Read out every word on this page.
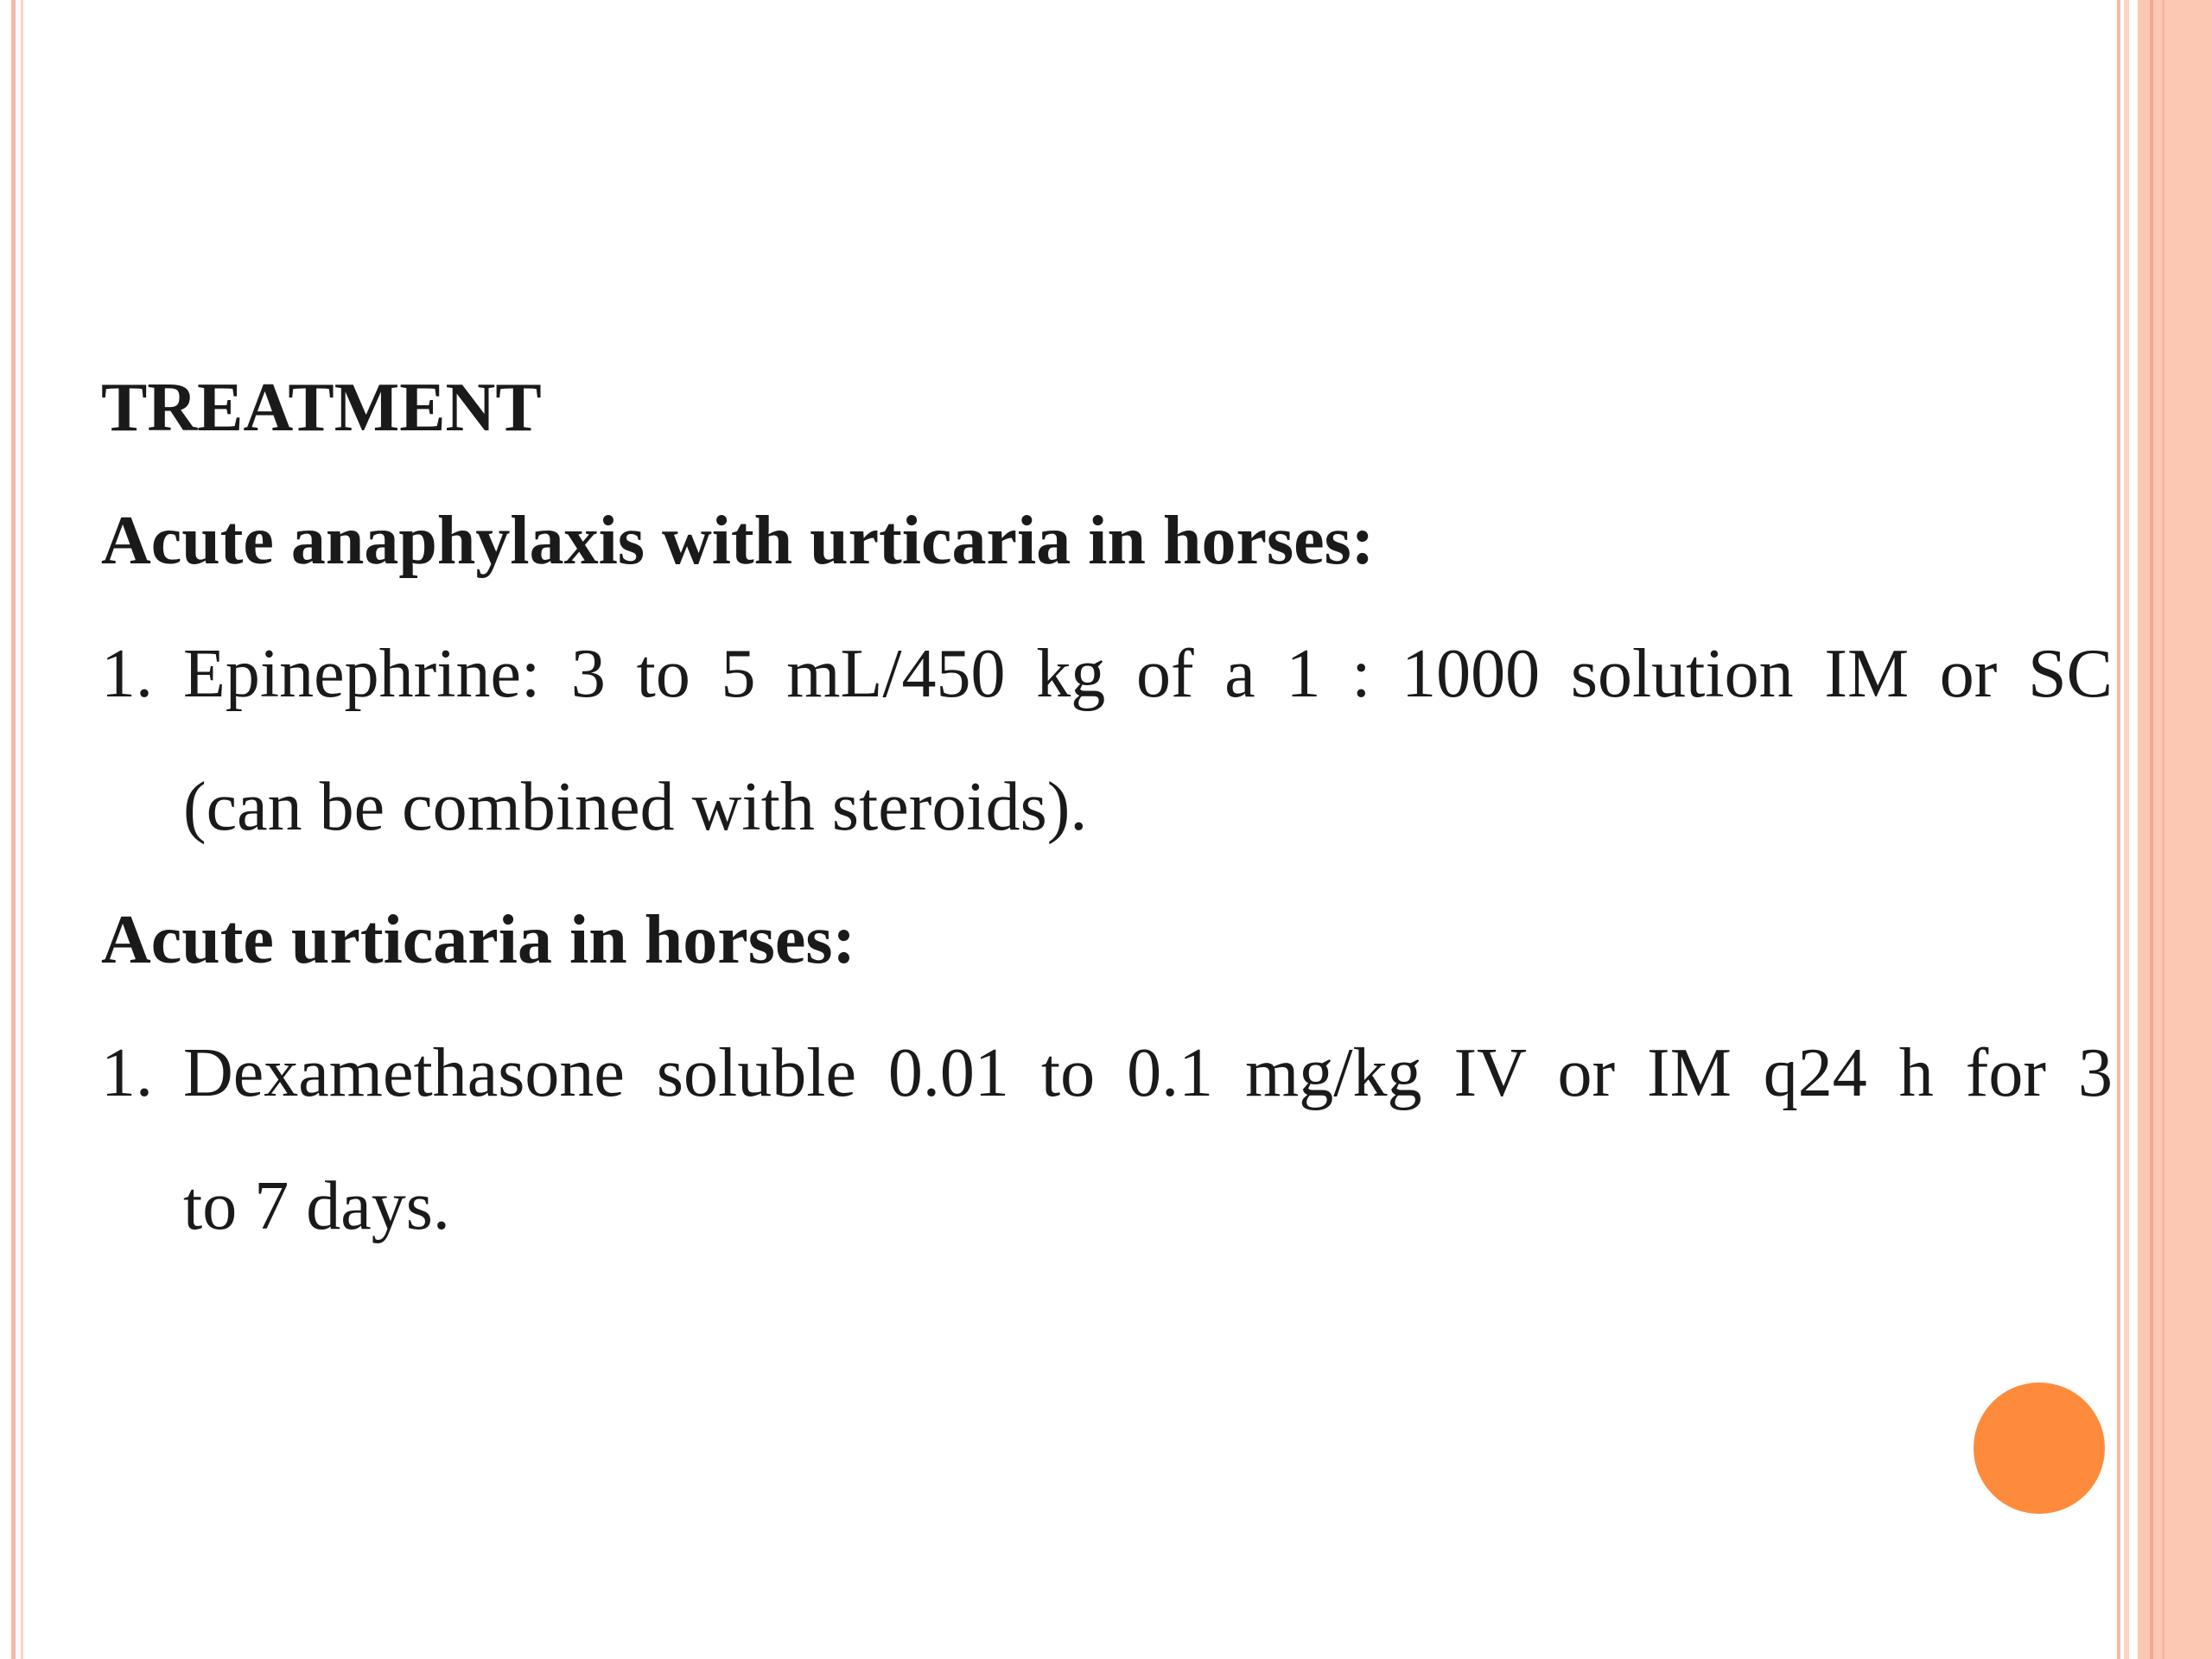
TREATMENT
Acute anaphylaxis with urticaria in horses:
1. Epinephrine: 3 to 5 mL/450 kg of a 1 : 1000 solution IM or SC
(can be combined with steroids).
Acute urticaria in horses:
1. Dexamethasone soluble 0.01 to 0.1 mg/kg IV or IM q24 h for 3
to 7 days.
